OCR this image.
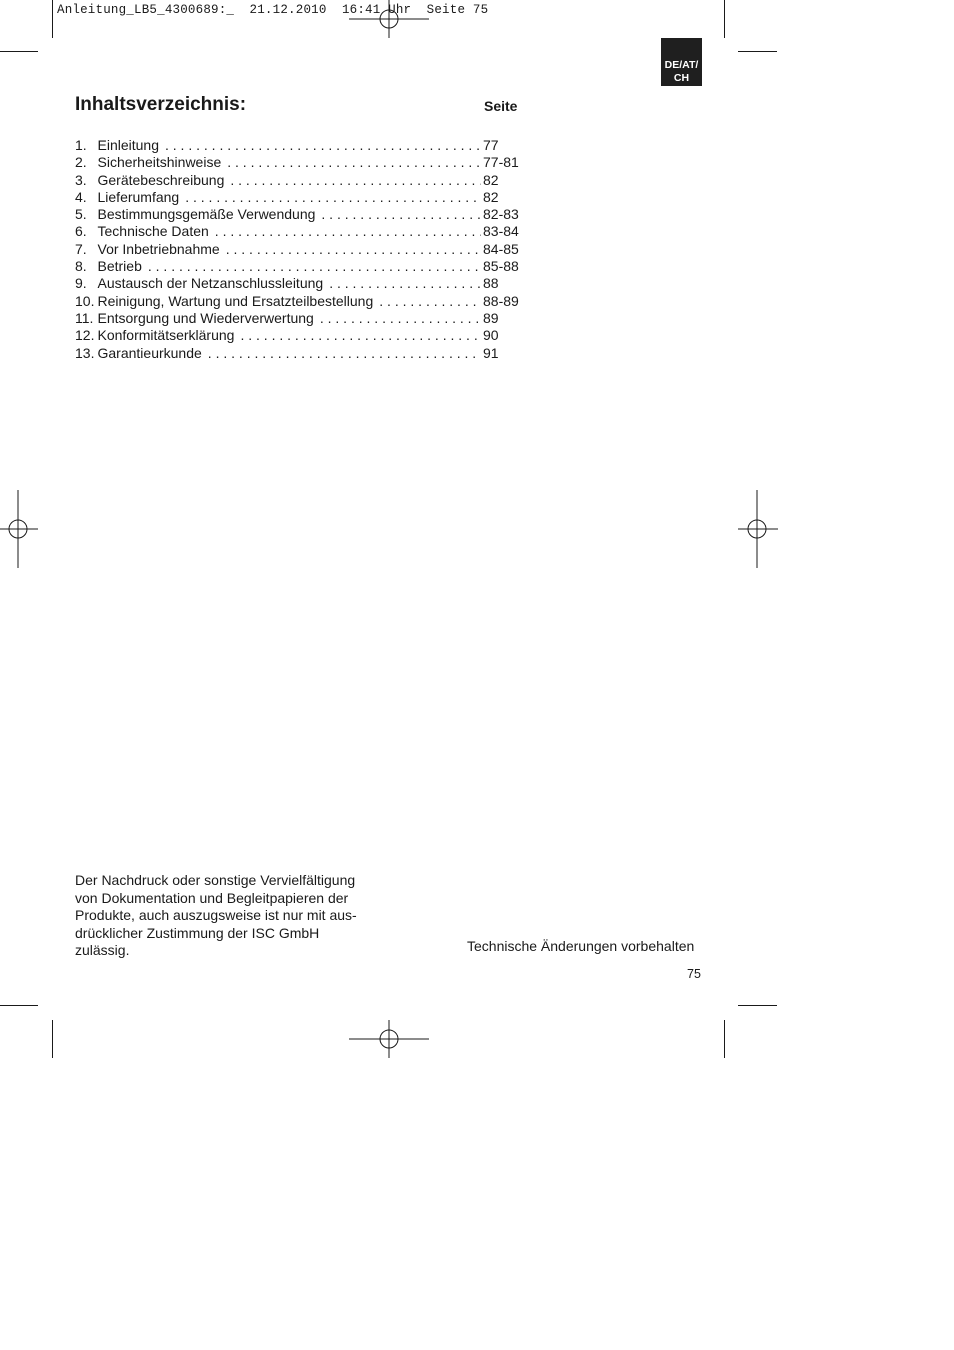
Anleitung_LB5_4300689:_  21.12.2010  16:41 Uhr  Seite 75
DE/AT/
CH
Inhaltsverzeichnis:	Seite
1. Einleitung . . .	77
2. Sicherheitshinweise . . .	77-81
3. Gerätebeschreibung . . .	82
4. Lieferumfang . . .	82
5. Bestimmungsgemäße Verwendung . . .	82-83
6. Technische Daten . . .	83-84
7. Vor Inbetriebnahme . . .	84-85
8. Betrieb . . .	85-88
9. Austausch der Netzanschlussleitung . . .	88
10. Reinigung, Wartung und Ersatzteilbestellung . . .	88-89
11. Entsorgung und Wiederverwertung . . .	89
12. Konformitätserklärung . . .	90
13. Garantieurkunde . . .	91
Der Nachdruck oder sonstige Vervielfältigung
von Dokumentation und Begleitpapieren der
Produkte, auch auszugsweise ist nur mit aus-
drücklicher Zustimmung der ISC GmbH
zulässig.	Technische Änderungen vorbehalten
75
